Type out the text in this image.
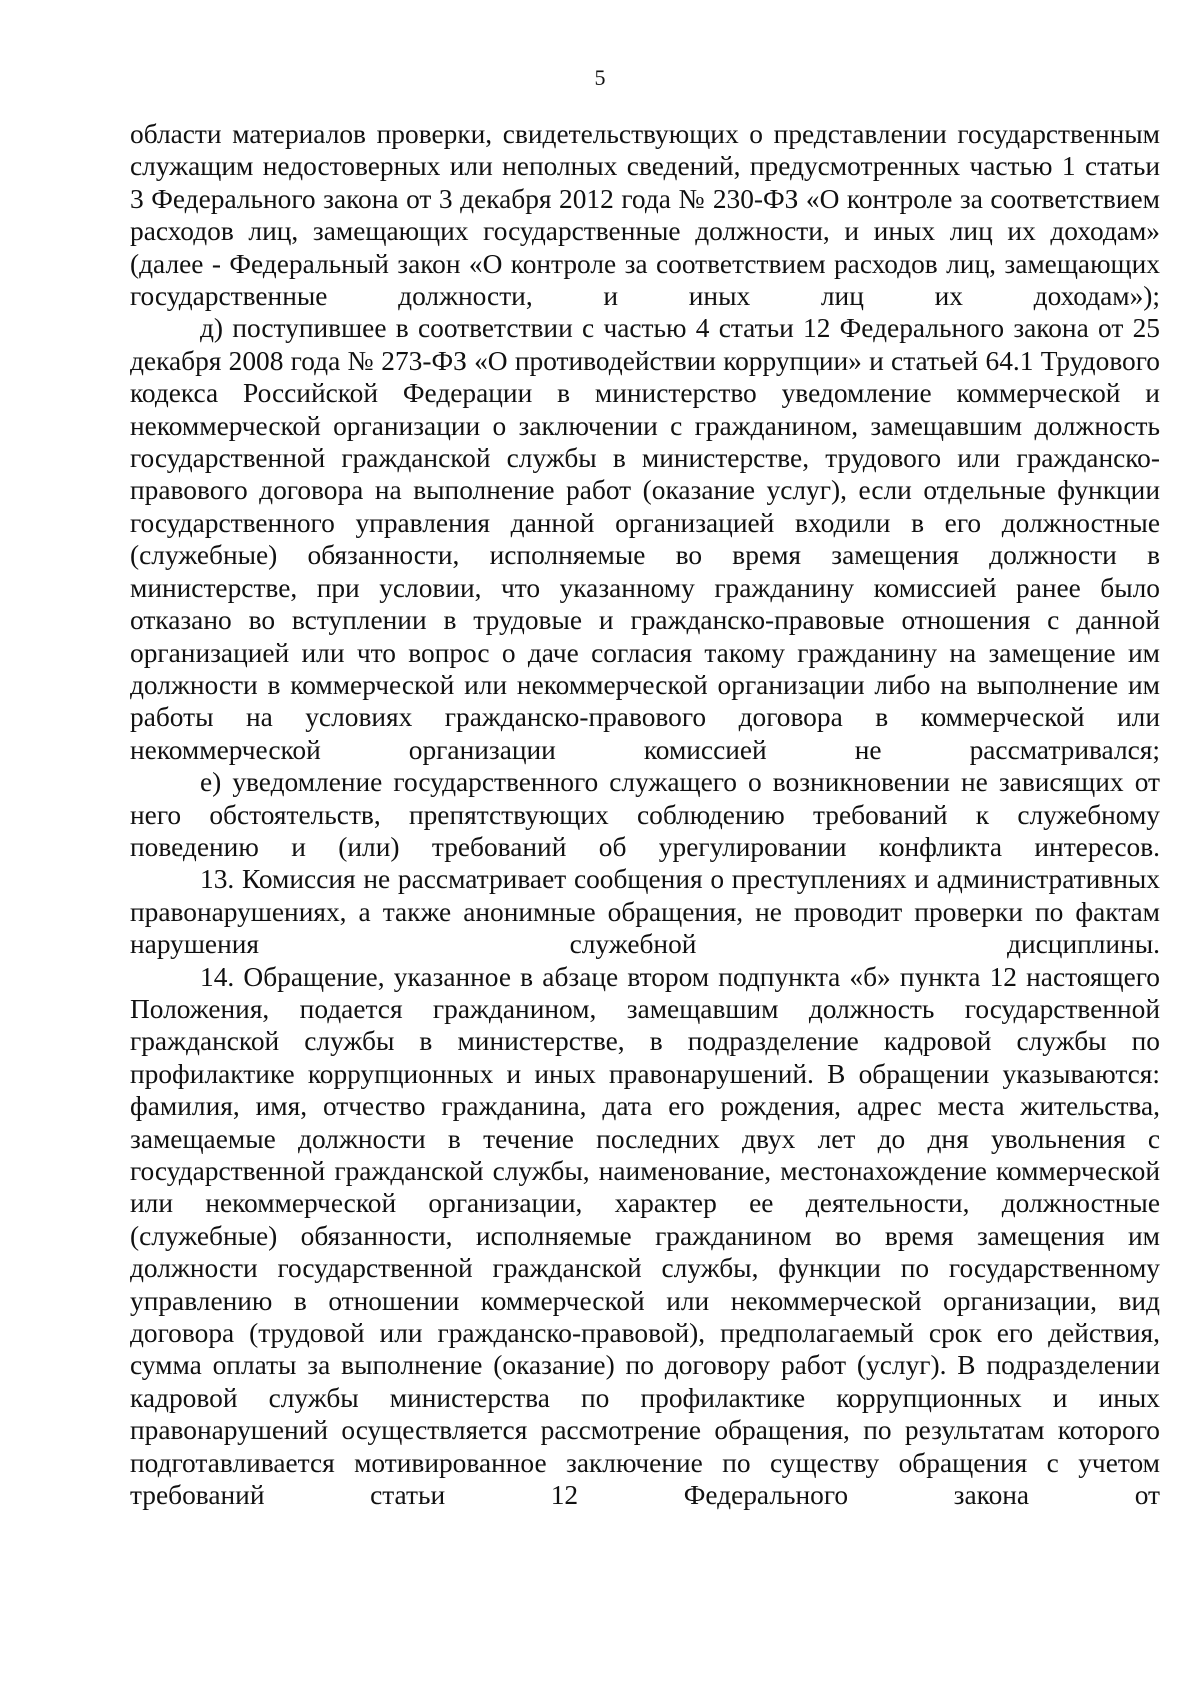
5

области материалов проверки, свидетельствующих о представлении государственным служащим недостоверных или неполных сведений, предусмотренных частью 1 статьи 3 Федерального закона от 3 декабря 2012 года № 230-ФЗ «О контроле за соответствием расходов лиц, замещающих государственные должности, и иных лиц их доходам» (далее - Федеральный закон «О контроле за соответствием расходов лиц, замещающих государственные	должности, и иных лиц их доходам»);

д) поступившее в соответствии с частью 4 статьи 12 Федерального закона от 25 декабря 2008 года № 273-ФЗ «О противодействии коррупции» и статьей 64.1 Трудового кодекса Российской Федерации в министерство уведомление коммерческой и некоммерческой организации о заключении с гражданином, замещавшим должность государственной гражданской службы в министерстве, трудового или гражданско-правового договора на выполнение работ (оказание услуг), если отдельные функции государственного управления данной организацией входили в его должностные (служебные) обязанности, исполняемые во время замещения должности в министерстве, при условии, что указанному гражданину комиссией ранее было отказано во вступлении в трудовые и гражданско-правовые отношения с данной организацией или что вопрос о даче согласия такому гражданину на замещение им должности в коммерческой или некоммерческой организации либо на выполнение им работы на условиях гражданско-правового договора в коммерческой или некоммерческой организации комиссией не	рассматривался;

е) уведомление государственного служащего о возникновении не зависящих от него обстоятельств, препятствующих соблюдению требований к служебному поведению и (или) требований об урегулировании конфликта интересов.

13. Комиссия не рассматривает сообщения о преступлениях и административных правонарушениях, а также анонимные обращения, не проводит проверки по фактам нарушения служебной дисциплины.

14. Обращение, указанное в абзаце втором подпункта «б» пункта 12 настоящего Положения, подается гражданином, замещавшим должность государственной гражданской службы в министерстве, в подразделение кадровой службы по профилактике коррупционных и иных правонарушений. В обращении указываются: фамилия, имя, отчество гражданина, дата его рождения, адрес места жительства, замещаемые должности в течение последних двух лет до дня увольнения с государственной гражданской службы, наименование, местонахождение коммерческой или некоммерческой организации, характер ее деятельности, должностные (служебные) обязанности, исполняемые гражданином во время замещения им должности государственной гражданской службы, функции по государственному управлению в отношении коммерческой или некоммерческой организации, вид договора (трудовой или гражданско-правовой), предполагаемый срок его действия, сумма оплаты за выполнение (оказание) по договору работ (услуг). В подразделении кадровой службы министерства по профилактике коррупционных и иных правонарушений осуществляется рассмотрение обращения, по результатам которого подготавливается мотивированное заключение по существу обращения с учетом требований статьи 12 Федерального закона от
